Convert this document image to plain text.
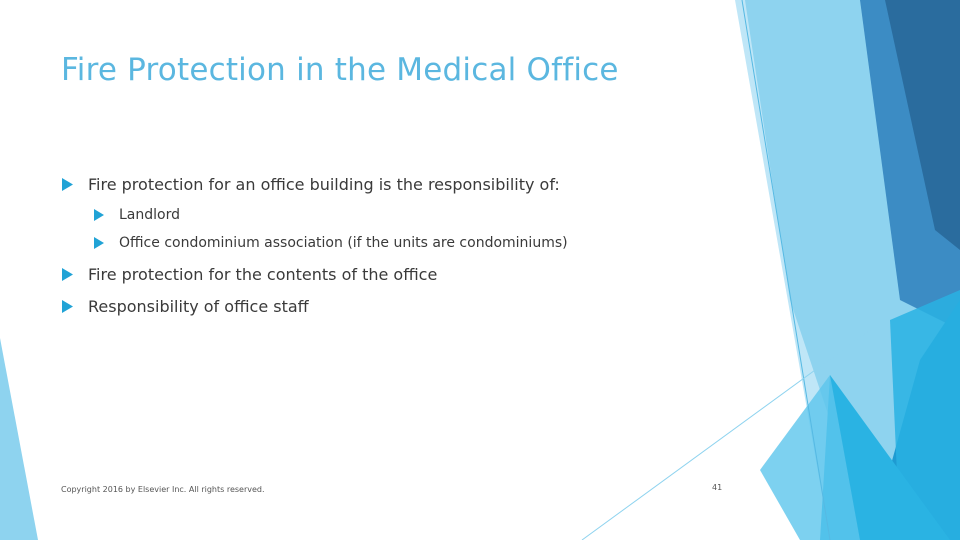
Fire Protection in the Medical Office
Fire protection for an office building is the responsibility of:
Landlord
Office condominium association (if the units are condominiums)
Fire protection for the contents of the office
Responsibility of office staff
Copyright 2016 by Elsevier Inc. All rights reserved.	41
